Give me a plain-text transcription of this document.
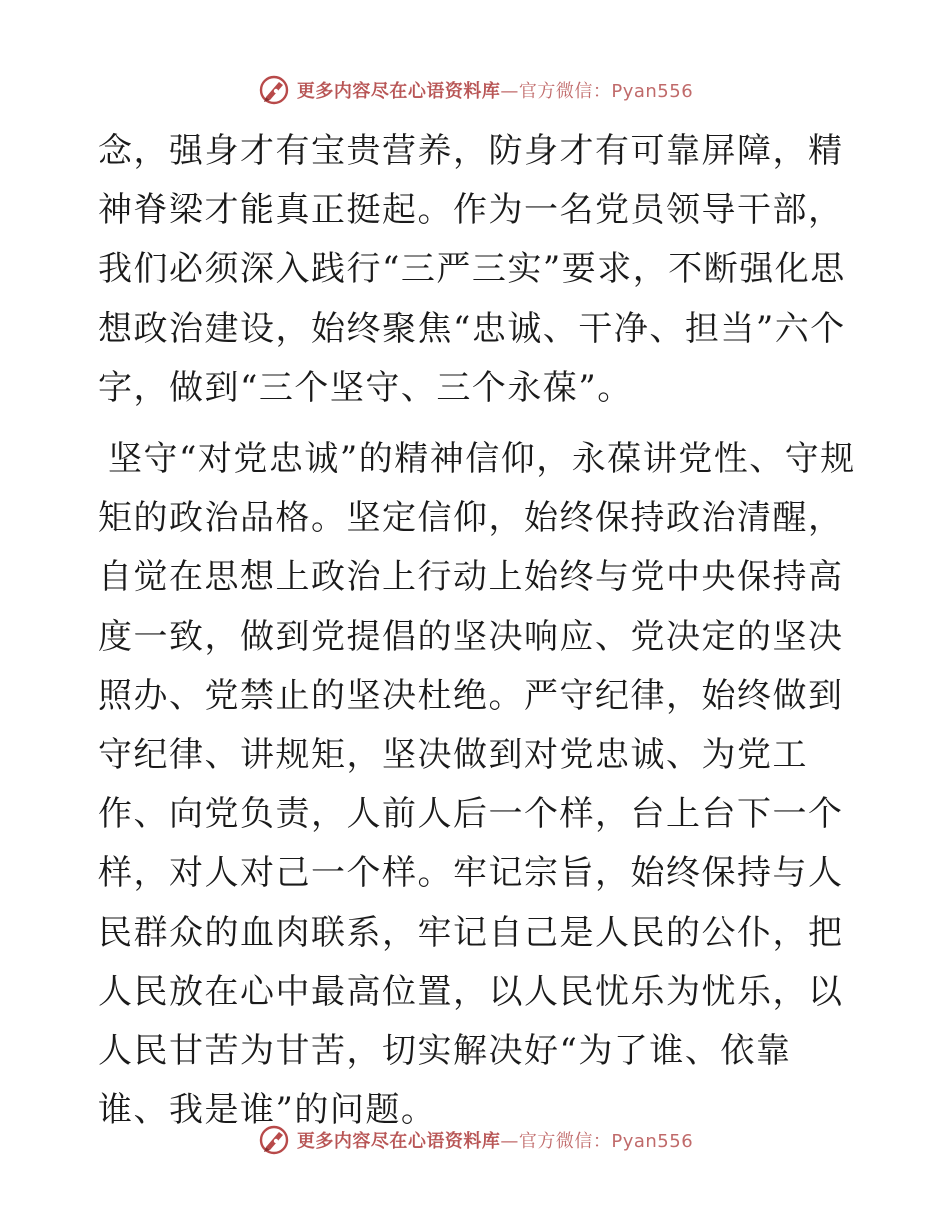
更多内容尽在心语资料库—官方微信：Pyan556

念，强身才有宝贵营养，防身才有可靠屏障，精神脊梁才能真正挺起。作为一名党员领导干部，我们必须深入践行“三严三实”要求，不断强化思想政治建设，始终聚焦“忠诚、干净、担当”六个字，做到“三个坚守、三个永葆”。

坚守“对党忠诚”的精神信仰，永葆讲党性、守规矩的政治品格。坚定信仰，始终保持政治清醒，自觉在思想上政治上行动上始终与党中央保持高度一致，做到党提倡的坚决响应、党决定的坚决照办、党禁止的坚决杜绝。严守纪律，始终做到守纪律、讲规矩，坚决做到对党忠诚、为党工作、向党负责，人前人后一个样，台上台下一个样，对人对己一个样。牢记宗旨，始终保持与人民群众的血肉联系，牢记自己是人民的公仆，把人民放在心中最高位置，以人民忧乐为忧乐，以人民甘苦为甘苦，切实解决好“为了谁、依靠谁、我是谁”的问题。

更多内容尽在心语资料库—官方微信：Pyan556
